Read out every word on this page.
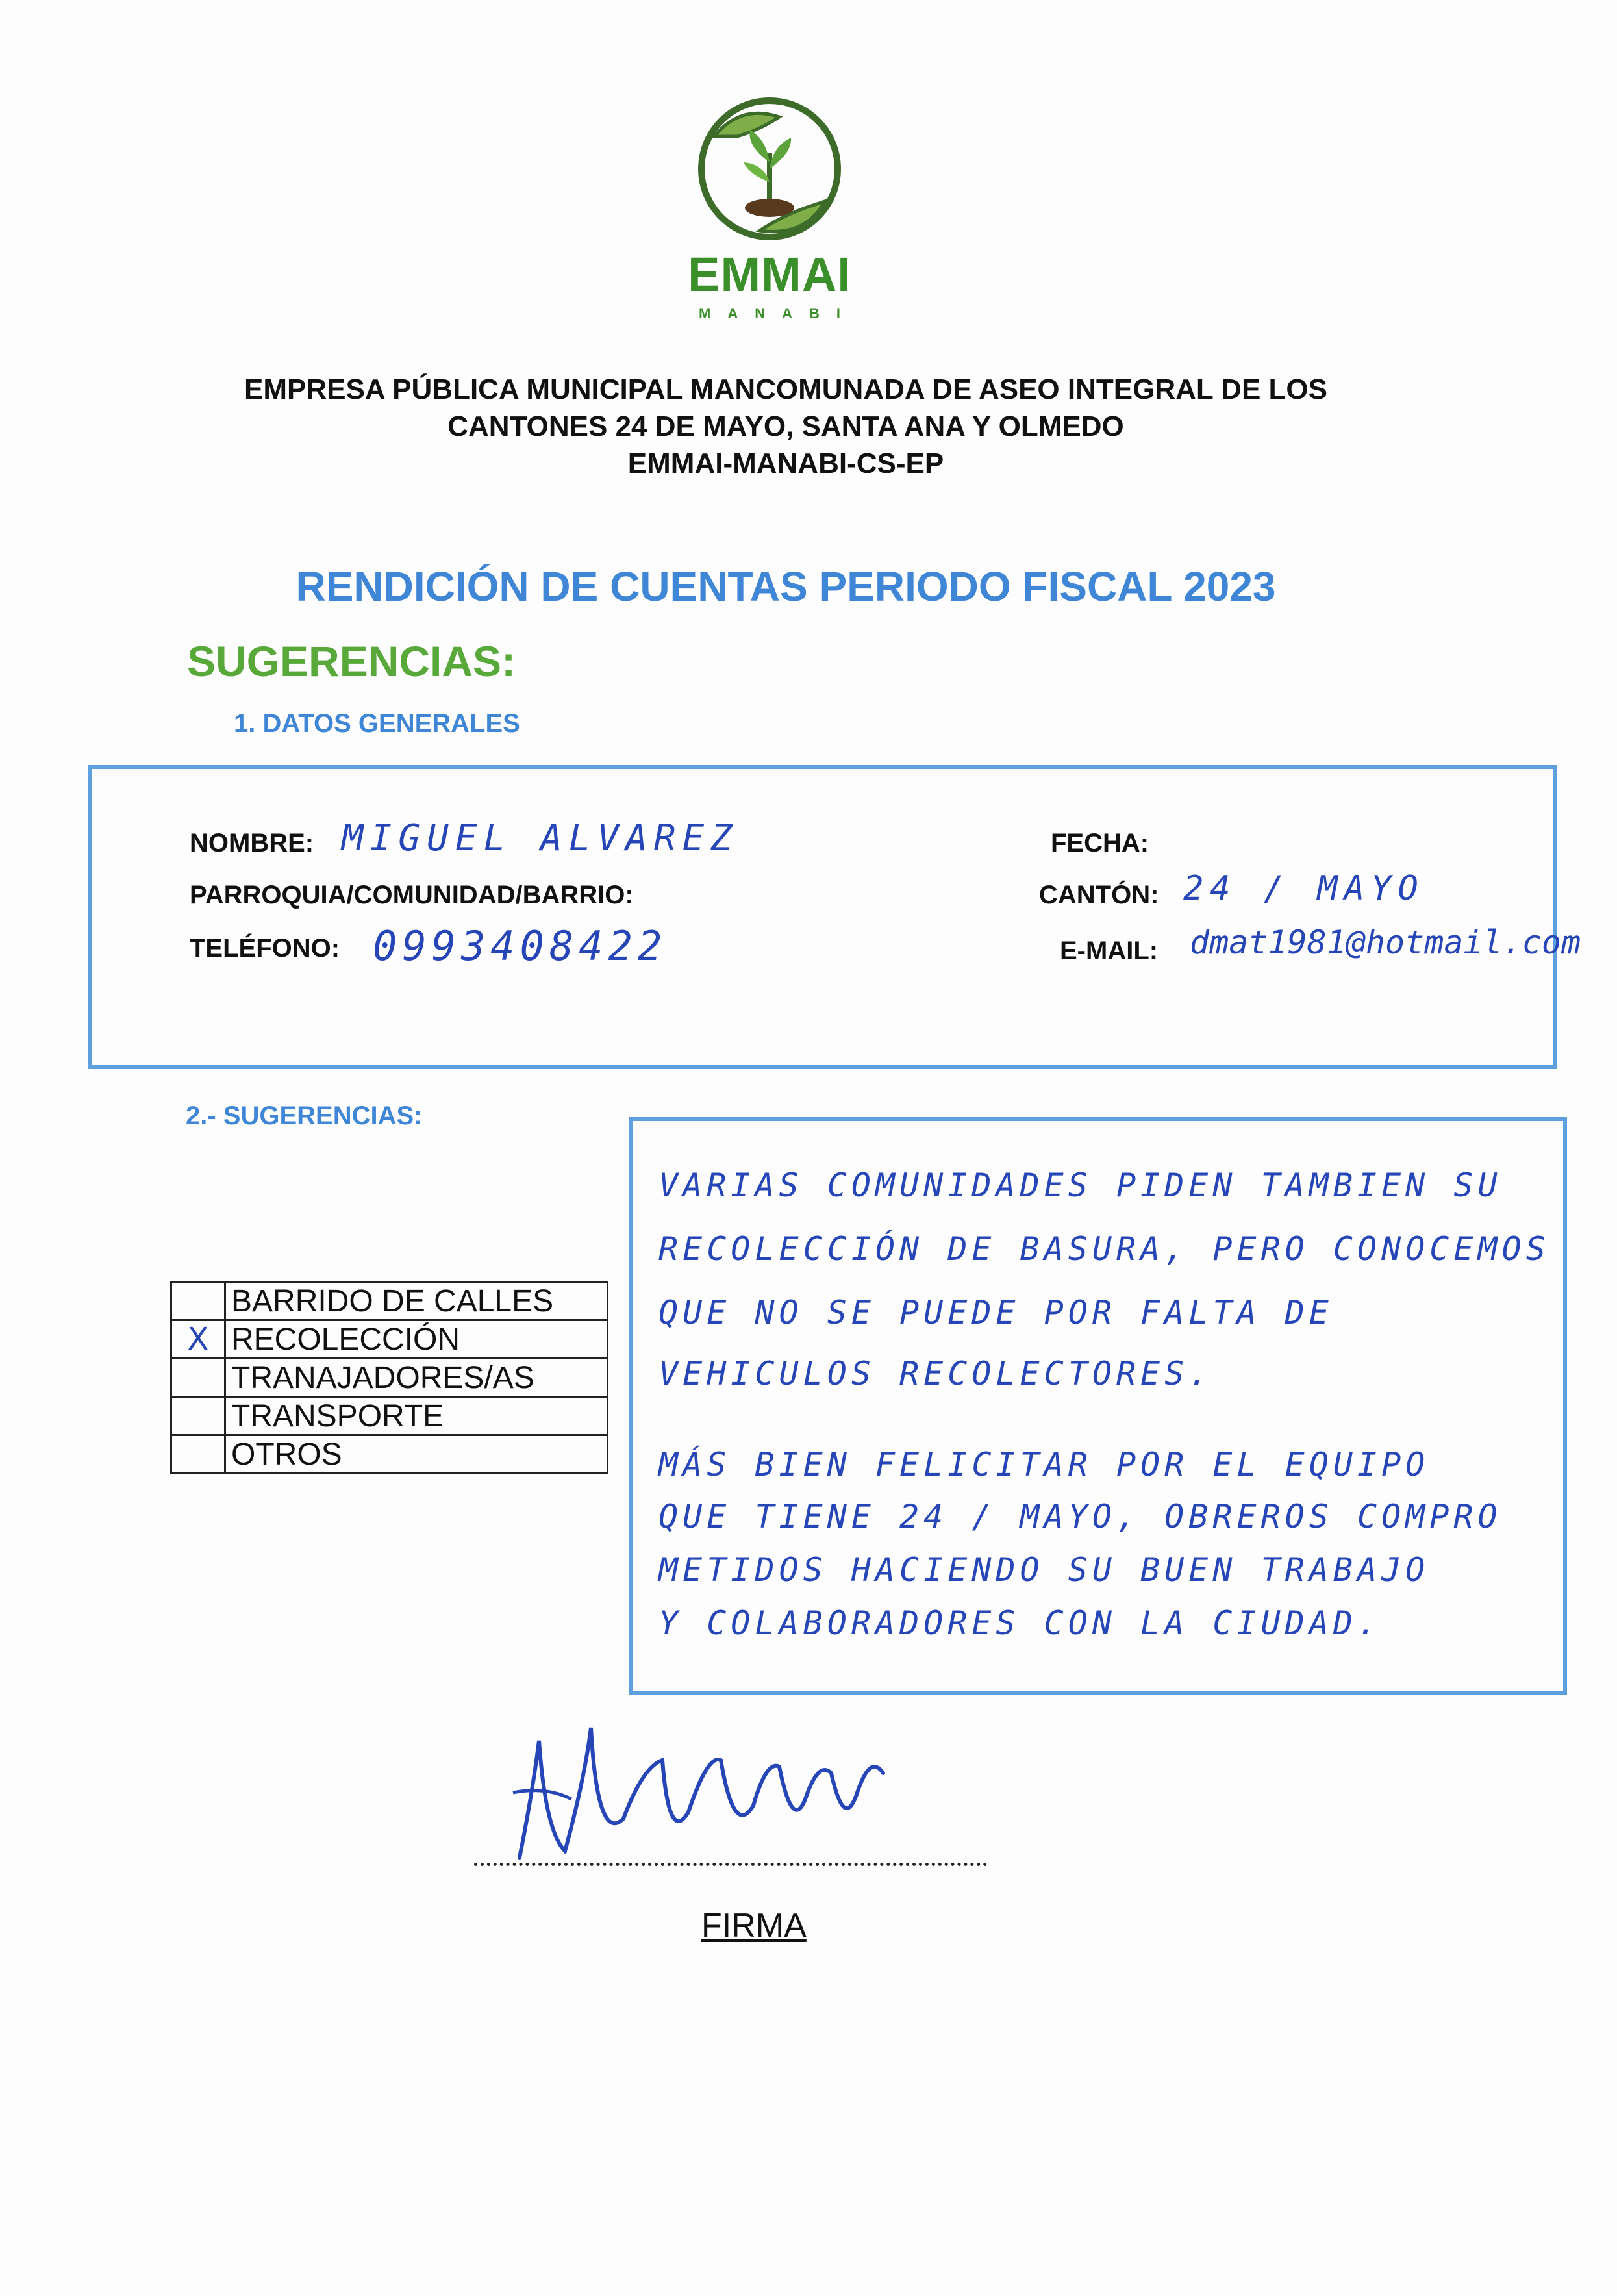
EMMAI
MANABI
EMPRESA PÚBLICA MUNICIPAL MANCOMUNADA DE ASEO INTEGRAL DE LOS
CANTONES 24 DE MAYO, SANTA ANA Y OLMEDO
EMMAI-MANABI-CS-EP
RENDICIÓN DE CUENTAS PERIODO FISCAL 2023
SUGERENCIAS:
1. DATOS GENERALES
NOMBRE: MIGUEL ALVAREZ
PARROQUIA/COMUNIDAD/BARRIO:
TELÉFONO: 0993408422
FECHA:
CANTÓN: 24 / MAYO
E-MAIL: dmat1981@hotmail.com
2.- SUGERENCIAS:
	BARRIDO DE CALLES
X	RECOLECCIÓN
	TRANAJADORES/AS
	TRANSPORTE
	OTROS
VARIAS COMUNIDADES PIDEN TAMBIEN SU
RECOLECCIÓN DE BASURA, PERO CONOCEMOS
QUE NO SE PUEDE POR FALTA DE
VEHICULOS RECOLECTORES.
MÁS BIEN FELICITAR POR EL EQUIPO
QUE TIENE 24 / MAYO, OBREROS COMPRO
METIDOS HACIENDO SU BUEN TRABAJO
Y COLABORADORES CON LA CIUDAD.
FIRMA
